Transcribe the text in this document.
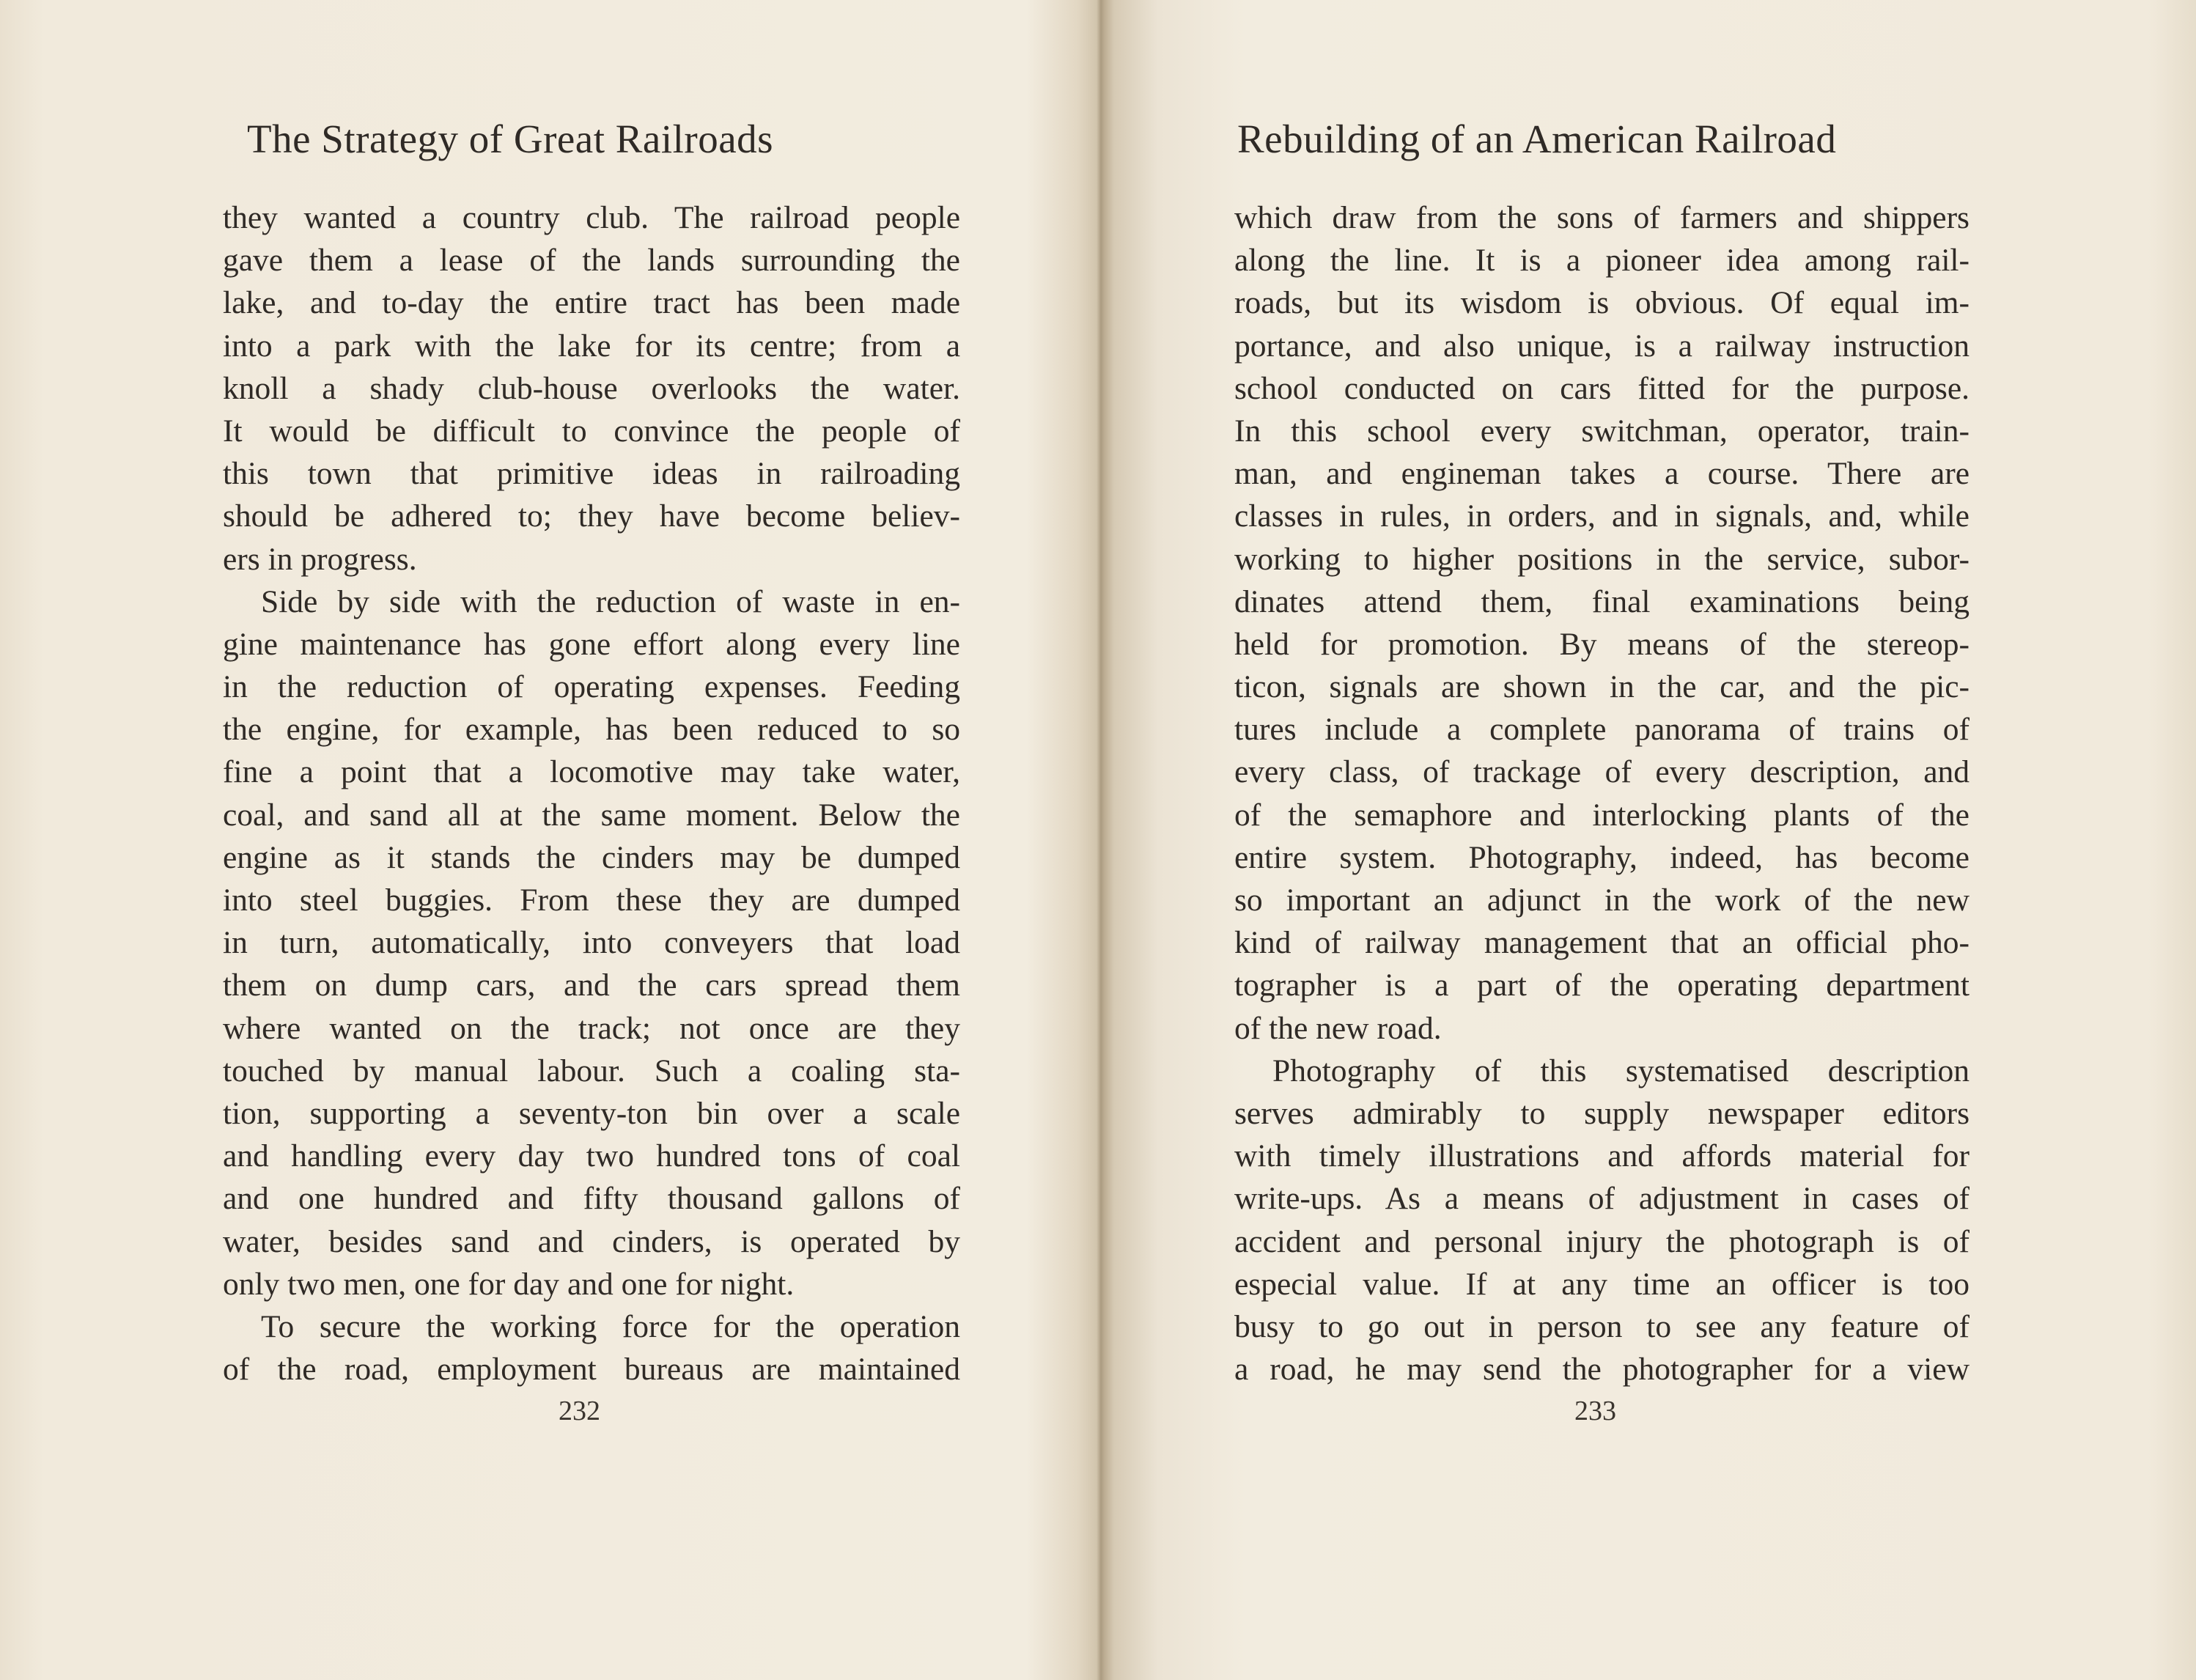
The Strategy of Great Railroads
they wanted a country club. The railroad people
gave them a lease of the lands surrounding the
lake, and to-day the entire tract has been made
into a park with the lake for its centre; from a
knoll a shady club-house overlooks the water.
It would be difficult to convince the people of
this town that primitive ideas in railroading
should be adhered to; they have become believ-
ers in progress.
Side by side with the reduction of waste in en-
gine maintenance has gone effort along every line
in the reduction of operating expenses. Feeding
the engine, for example, has been reduced to so
fine a point that a locomotive may take water,
coal, and sand all at the same moment. Below the
engine as it stands the cinders may be dumped
into steel buggies. From these they are dumped
in turn, automatically, into conveyers that load
them on dump cars, and the cars spread them
where wanted on the track; not once are they
touched by manual labour. Such a coaling sta-
tion, supporting a seventy-ton bin over a scale
and handling every day two hundred tons of coal
and one hundred and fifty thousand gallons of
water, besides sand and cinders, is operated by
only two men, one for day and one for night.
To secure the working force for the operation
of the road, employment bureaus are maintained
232
Rebuilding of an American Railroad
which draw from the sons of farmers and shippers
along the line. It is a pioneer idea among rail-
roads, but its wisdom is obvious. Of equal im-
portance, and also unique, is a railway instruction
school conducted on cars fitted for the purpose.
In this school every switchman, operator, train-
man, and engineman takes a course. There are
classes in rules, in orders, and in signals, and, while
working to higher positions in the service, subor-
dinates attend them, final examinations being
held for promotion. By means of the stereop-
ticon, signals are shown in the car, and the pic-
tures include a complete panorama of trains of
every class, of trackage of every description, and
of the semaphore and interlocking plants of the
entire system. Photography, indeed, has become
so important an adjunct in the work of the new
kind of railway management that an official pho-
tographer is a part of the operating department
of the new road.
Photography of this systematised description
serves admirably to supply newspaper editors
with timely illustrations and affords material for
write-ups. As a means of adjustment in cases of
accident and personal injury the photograph is of
especial value. If at any time an officer is too
busy to go out in person to see any feature of
a road, he may send the photographer for a view
233
